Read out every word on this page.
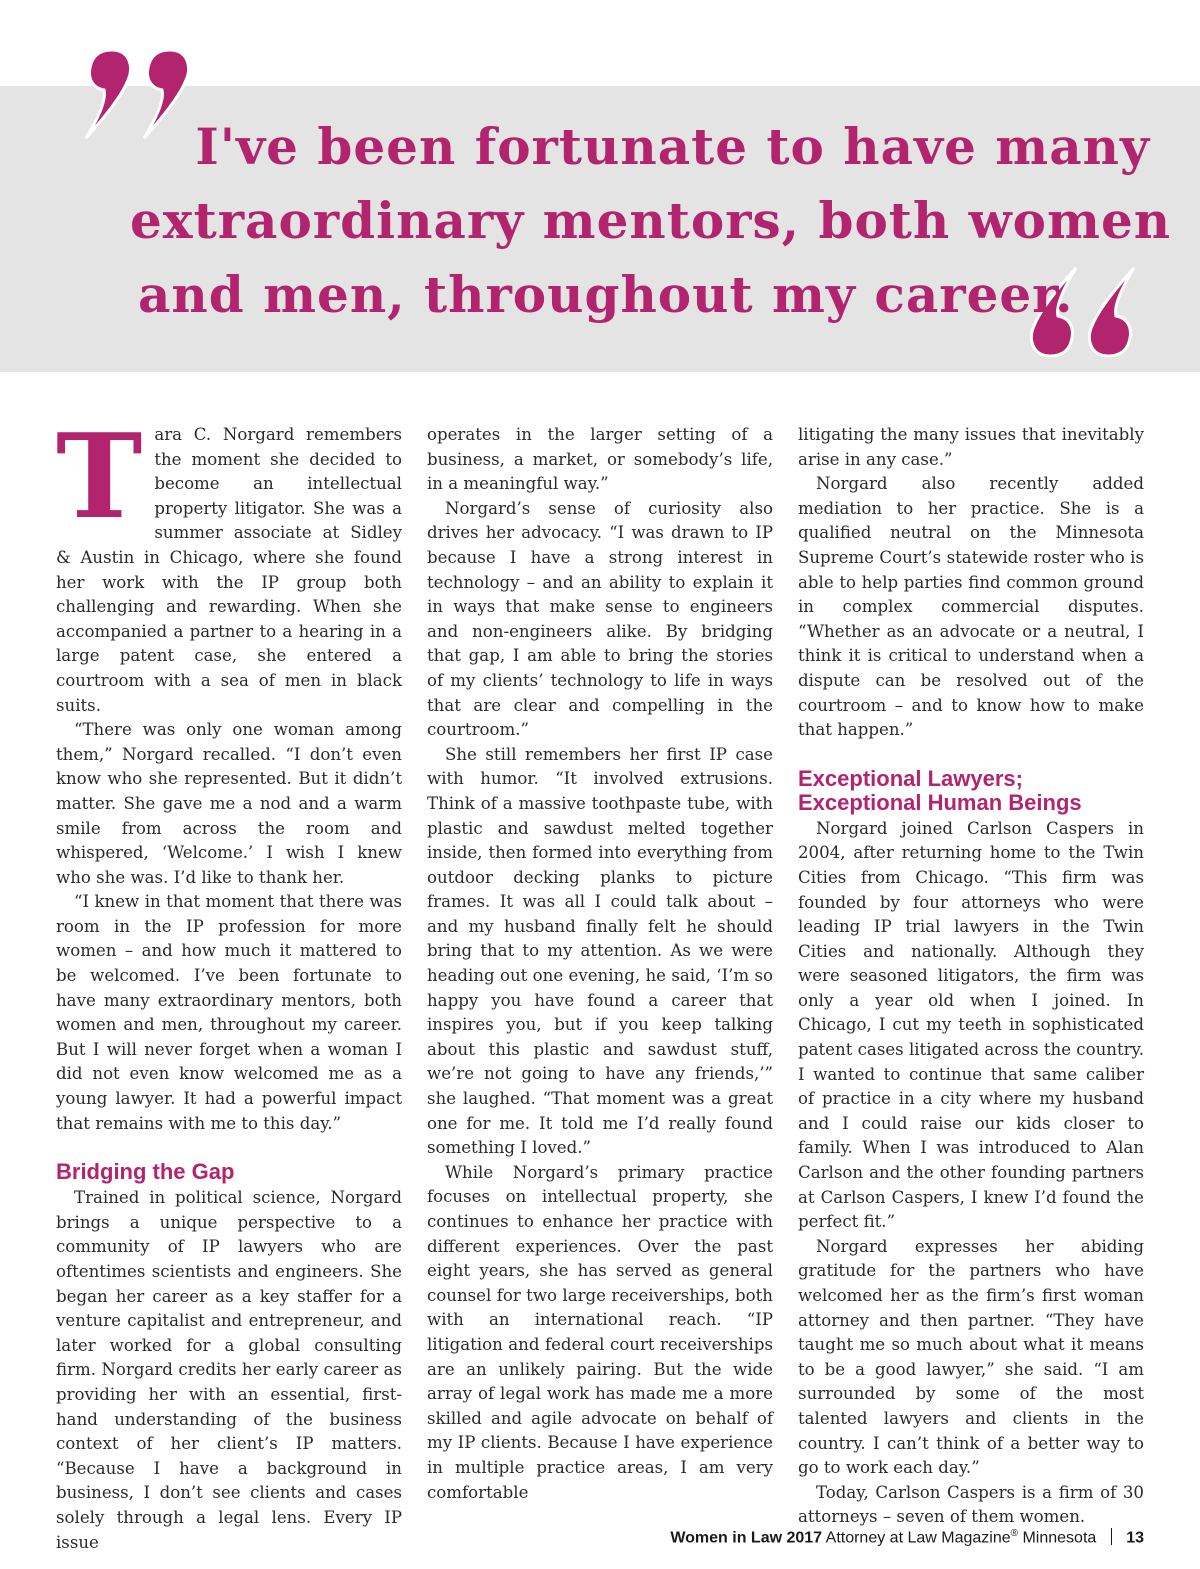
I've been fortunate to have many
extraordinary mentors, both women
and men, throughout my career.
T ara C. Norgard remembers the moment she decided to become an intellectual property litigator. She was a summer associate at Sidley & Austin in Chicago, where she found her work with the IP group both challenging and rewarding. When she accompanied a partner to a hearing in a large patent case, she entered a courtroom with a sea of men in black suits.

“There was only one woman among them,” Norgard recalled. “I don’t even know who she represented. But it didn’t matter. She gave me a nod and a warm smile from across the room and whispered, ‘Welcome.’ I wish I knew who she was. I’d like to thank her.

“I knew in that moment that there was room in the IP profession for more women – and how much it mattered to be welcomed. I’ve been fortunate to have many extraordinary mentors, both women and men, throughout my career. But I will never forget when a woman I did not even know welcomed me as a young lawyer. It had a powerful impact that remains with me to this day.”

Bridging the Gap

Trained in political science, Norgard brings a unique perspective to a community of IP lawyers who are oftentimes scientists and engineers. She began her career as a key staffer for a venture capitalist and entrepreneur, and later worked for a global consulting firm. Norgard credits her early career as providing her with an essential, first-hand understanding of the business context of her client’s IP matters. “Because I have a background in business, I don’t see clients and cases solely through a legal lens. Every IP issue

operates in the larger setting of a business, a market, or somebody’s life, in a meaningful way.”

Norgard’s sense of curiosity also drives her advocacy. “I was drawn to IP because I have a strong interest in technology – and an ability to explain it in ways that make sense to engineers and non-engineers alike. By bridging that gap, I am able to bring the stories of my clients’ technology to life in ways that are clear and compelling in the courtroom.”

She still remembers her first IP case with humor. “It involved extrusions. Think of a massive toothpaste tube, with plastic and sawdust melted together inside, then formed into everything from outdoor decking planks to picture frames. It was all I could talk about – and my husband finally felt he should bring that to my attention. As we were heading out one evening, he said, ‘I’m so happy you have found a career that inspires you, but if you keep talking about this plastic and sawdust stuff, we’re not going to have any friends,’” she laughed. “That moment was a great one for me. It told me I’d really found something I loved.”

While Norgard’s primary practice focuses on intellectual property, she continues to enhance her practice with different experiences. Over the past eight years, she has served as general counsel for two large receiverships, both with an international reach. “IP litigation and federal court receiverships are an unlikely pairing. But the wide array of legal work has made me a more skilled and agile advocate on behalf of my IP clients. Because I have experience in multiple practice areas, I am very comfortable

litigating the many issues that inevitably arise in any case.”

Norgard also recently added mediation to her practice. She is a qualified neutral on the Minnesota Supreme Court’s statewide roster who is able to help parties find common ground in complex commercial disputes. “Whether as an advocate or a neutral, I think it is critical to understand when a dispute can be resolved out of the courtroom – and to know how to make that happen.”

Exceptional Lawyers; Exceptional Human Beings

Norgard joined Carlson Caspers in 2004, after returning home to the Twin Cities from Chicago. “This firm was founded by four attorneys who were leading IP trial lawyers in the Twin Cities and nationally. Although they were seasoned litigators, the firm was only a year old when I joined. In Chicago, I cut my teeth in sophisticated patent cases litigated across the country. I wanted to continue that same caliber of practice in a city where my husband and I could raise our kids closer to family. When I was introduced to Alan Carlson and the other founding partners at Carlson Caspers, I knew I’d found the perfect fit.”

Norgard expresses her abiding gratitude for the partners who have welcomed her as the firm’s first woman attorney and then partner. “They have taught me so much about what it means to be a good lawyer,” she said. “I am surrounded by some of the most talented lawyers and clients in the country. I can’t think of a better way to go to work each day.”

Today, Carlson Caspers is a firm of 30 attorneys – seven of them women.

Women in Law 2017 Attorney at Law Magazine® Minnesota 13
